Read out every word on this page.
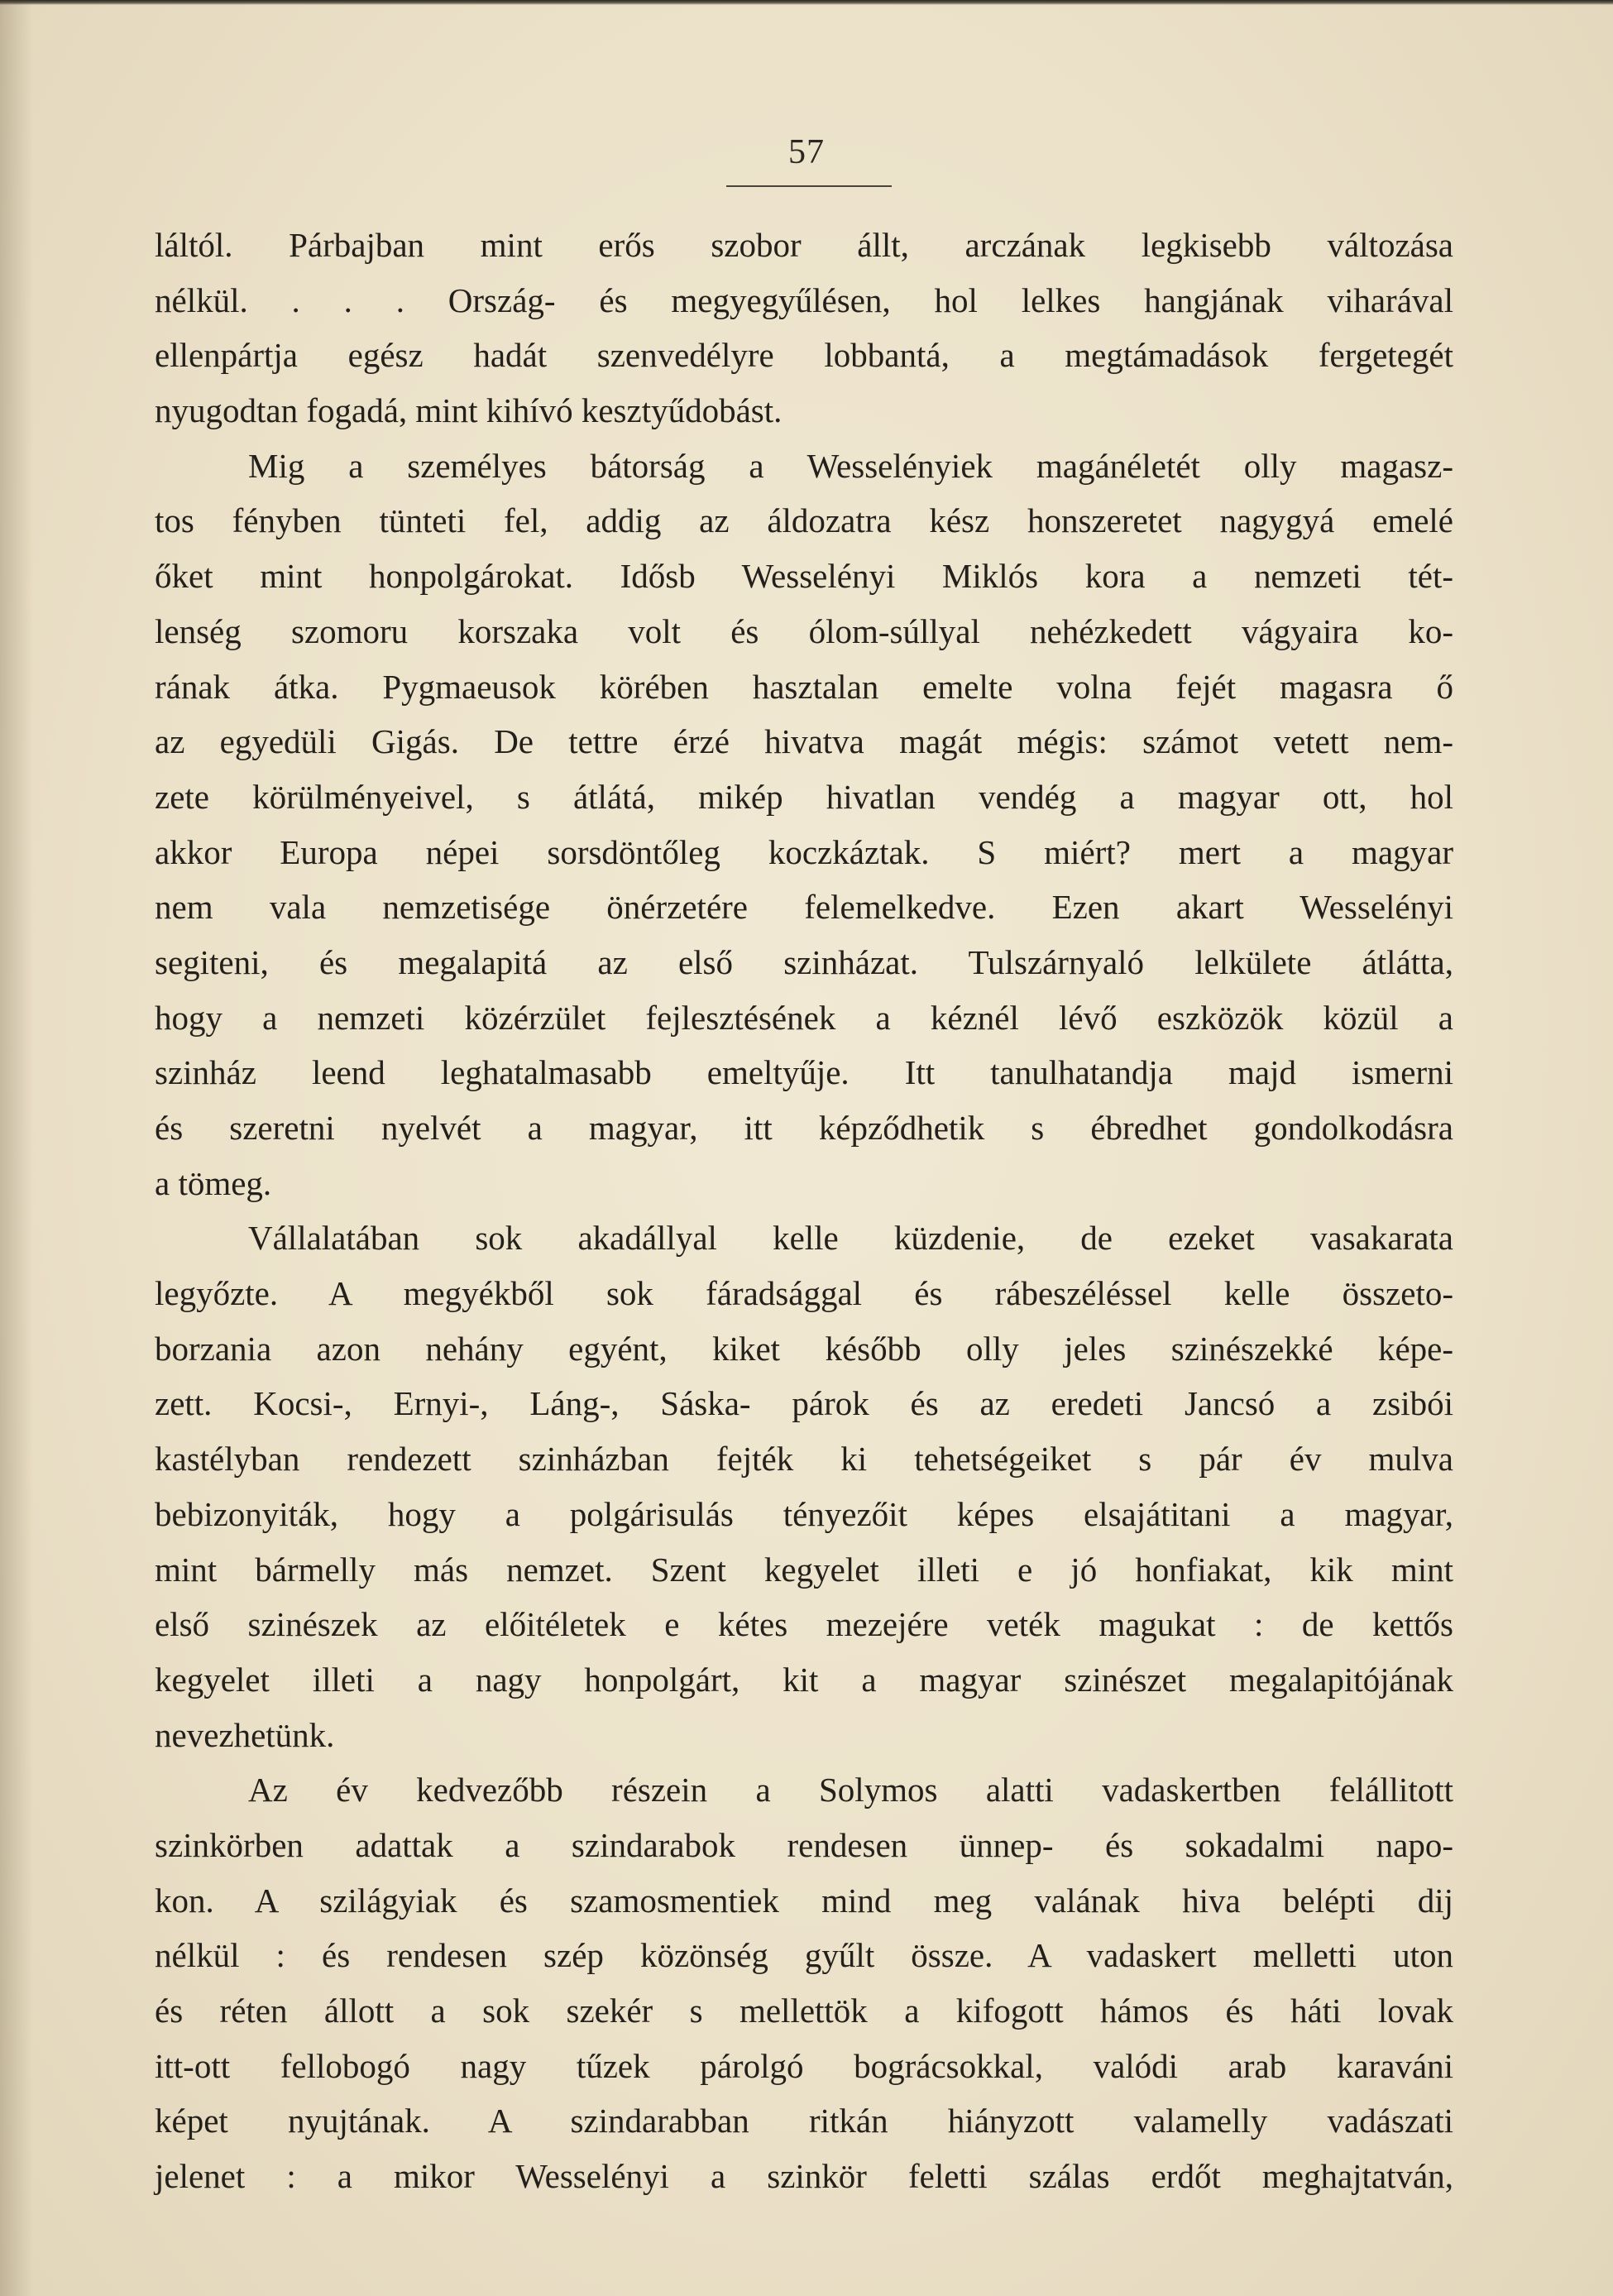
57
láltól. Párbajban mint erős szobor állt, arczának legkisebb változása
nélkül. . . . Ország- és megyegyűlésen, hol lelkes hangjának viharával
ellenpártja egész hadát szenvedélyre lobbantá, a megtámadások fergetegét
nyugodtan fogadá, mint kihívó kesztyűdobást.
Mig a személyes bátorság a Wesselényiek magánéletét olly magasz-
tos fényben tünteti fel, addig az áldozatra kész honszeretet nagygyá emelé
őket mint honpolgárokat. Idősb Wesselényi Miklós kora a nemzeti tét-
lenség szomoru korszaka volt és ólom-súllyal nehézkedett vágyaira ko-
rának átka. Pygmaeusok körében hasztalan emelte volna fejét magasra ő
az egyedüli Gigás. De tettre érzé hivatva magát mégis: számot vetett nem-
zete körülményeivel, s átlátá, mikép hivatlan vendég a magyar ott, hol
akkor Europa népei sorsdöntőleg koczkáztak. S miért? mert a magyar
nem vala nemzetisége önérzetére felemelkedve. Ezen akart Wesselényi
segiteni, és megalapitá az első szinházat. Tulszárnyaló lelkülete átlátta,
hogy a nemzeti közérzület fejlesztésének a kéznél lévő eszközök közül a
szinház leend leghatalmasabb emeltyűje. Itt tanulhatandja majd ismerni
és szeretni nyelvét a magyar, itt képződhetik s ébredhet gondolkodásra
a tömeg.
Vállalatában sok akadállyal kelle küzdenie, de ezeket vasakarata
legyőzte. A megyékből sok fáradsággal és rábeszéléssel kelle összeto-
borzania azon nehány egyént, kiket később olly jeles szinészekké képe-
zett. Kocsi-, Ernyi-, Láng-, Sáska- párok és az eredeti Jancsó a zsibói
kastélyban rendezett szinházban fejték ki tehetségeiket s pár év mulva
bebizonyiták, hogy a polgárisulás tényezőit képes elsajátitani a magyar,
mint bármelly más nemzet. Szent kegyelet illeti e jó honfiakat, kik mint
első szinészek az előitéletek e kétes mezejére veték magukat : de kettős
kegyelet illeti a nagy honpolgárt, kit a magyar szinészet megalapitójának
nevezhetünk.
Az év kedvezőbb részein a Solymos alatti vadaskertben felállitott
szinkörben adattak a szindarabok rendesen ünnep- és sokadalmi napo-
kon. A szilágyiak és szamosmentiek mind meg valának hiva belépti dij
nélkül : és rendesen szép közönség gyűlt össze. A vadaskert melletti uton
és réten állott a sok szekér s mellettök a kifogott hámos és háti lovak
itt-ott fellobogó nagy tűzek párolgó bográcsokkal, valódi arab karaváni
képet nyujtának. A szindarabban ritkán hiányzott valamelly vadászati
jelenet : a mikor Wesselényi a szinkör feletti szálas erdőt meghajtatván,
